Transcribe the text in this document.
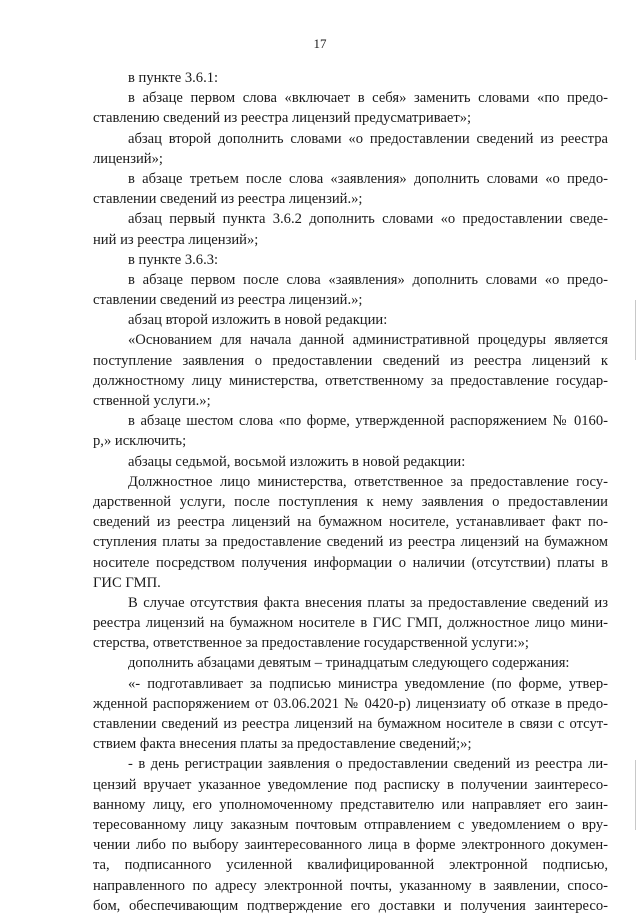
17
в пункте 3.6.1:
в абзаце первом слова «включает в себя» заменить словами «по предо-
ставлению сведений из реестра лицензий предусматривает»;
абзац второй дополнить словами «о предоставлении сведений из реестра
лицензий»;
в абзаце третьем после слова «заявления» дополнить словами «о предо-
ставлении сведений из реестра лицензий.»;
абзац первый пункта 3.6.2 дополнить словами «о предоставлении сведе-
ний из реестра лицензий»;
в пункте 3.6.3:
в абзаце первом после слова «заявления» дополнить словами «о предо-
ставлении сведений из реестра лицензий.»;
абзац второй изложить в новой редакции:
«Основанием для начала данной административной процедуры является
поступление заявления о предоставлении сведений из реестра лицензий к
должностному лицу министерства, ответственному за предоставление государ-
ственной услуги.»;
в абзаце шестом слова «по форме, утвержденной распоряжением № 0160-
р,» исключить;
абзацы седьмой, восьмой изложить в новой редакции:
Должностное лицо министерства, ответственное за предоставление госу-
дарственной услуги, после поступления к нему заявления о предоставлении
сведений из реестра лицензий на бумажном носителе, устанавливает факт по-
ступления платы за предоставление сведений из реестра лицензий на бумажном
носителе посредством получения информации о наличии (отсутствии) платы в
ГИС ГМП.
В случае отсутствия факта внесения платы за предоставление сведений из
реестра лицензий на бумажном носителе в ГИС ГМП, должностное лицо мини-
стерства, ответственное за предоставление государственной услуги:»;
дополнить абзацами девятым – тринадцатым следующего содержания:
«- подготавливает за подписью министра уведомление (по форме, утвер-
жденной распоряжением от 03.06.2021 № 0420-р) лицензиату об отказе в предо-
ставлении сведений из реестра лицензий на бумажном носителе в связи с отсут-
ствием факта внесения платы за предоставление сведений;»;
- в день регистрации заявления о предоставлении сведений из реестра ли-
цензий вручает указанное уведомление под расписку в получении заинтересо-
ванному лицу, его уполномоченному представителю или направляет его заин-
тересованному лицу заказным почтовым отправлением с уведомлением о вру-
чении либо по выбору заинтересованного лица в форме электронного докумен-
та, подписанного усиленной квалифицированной электронной подписью,
направленного по адресу электронной почты, указанному в заявлении, спосо-
бом, обеспечивающим подтверждение его доставки и получения заинтересо-
